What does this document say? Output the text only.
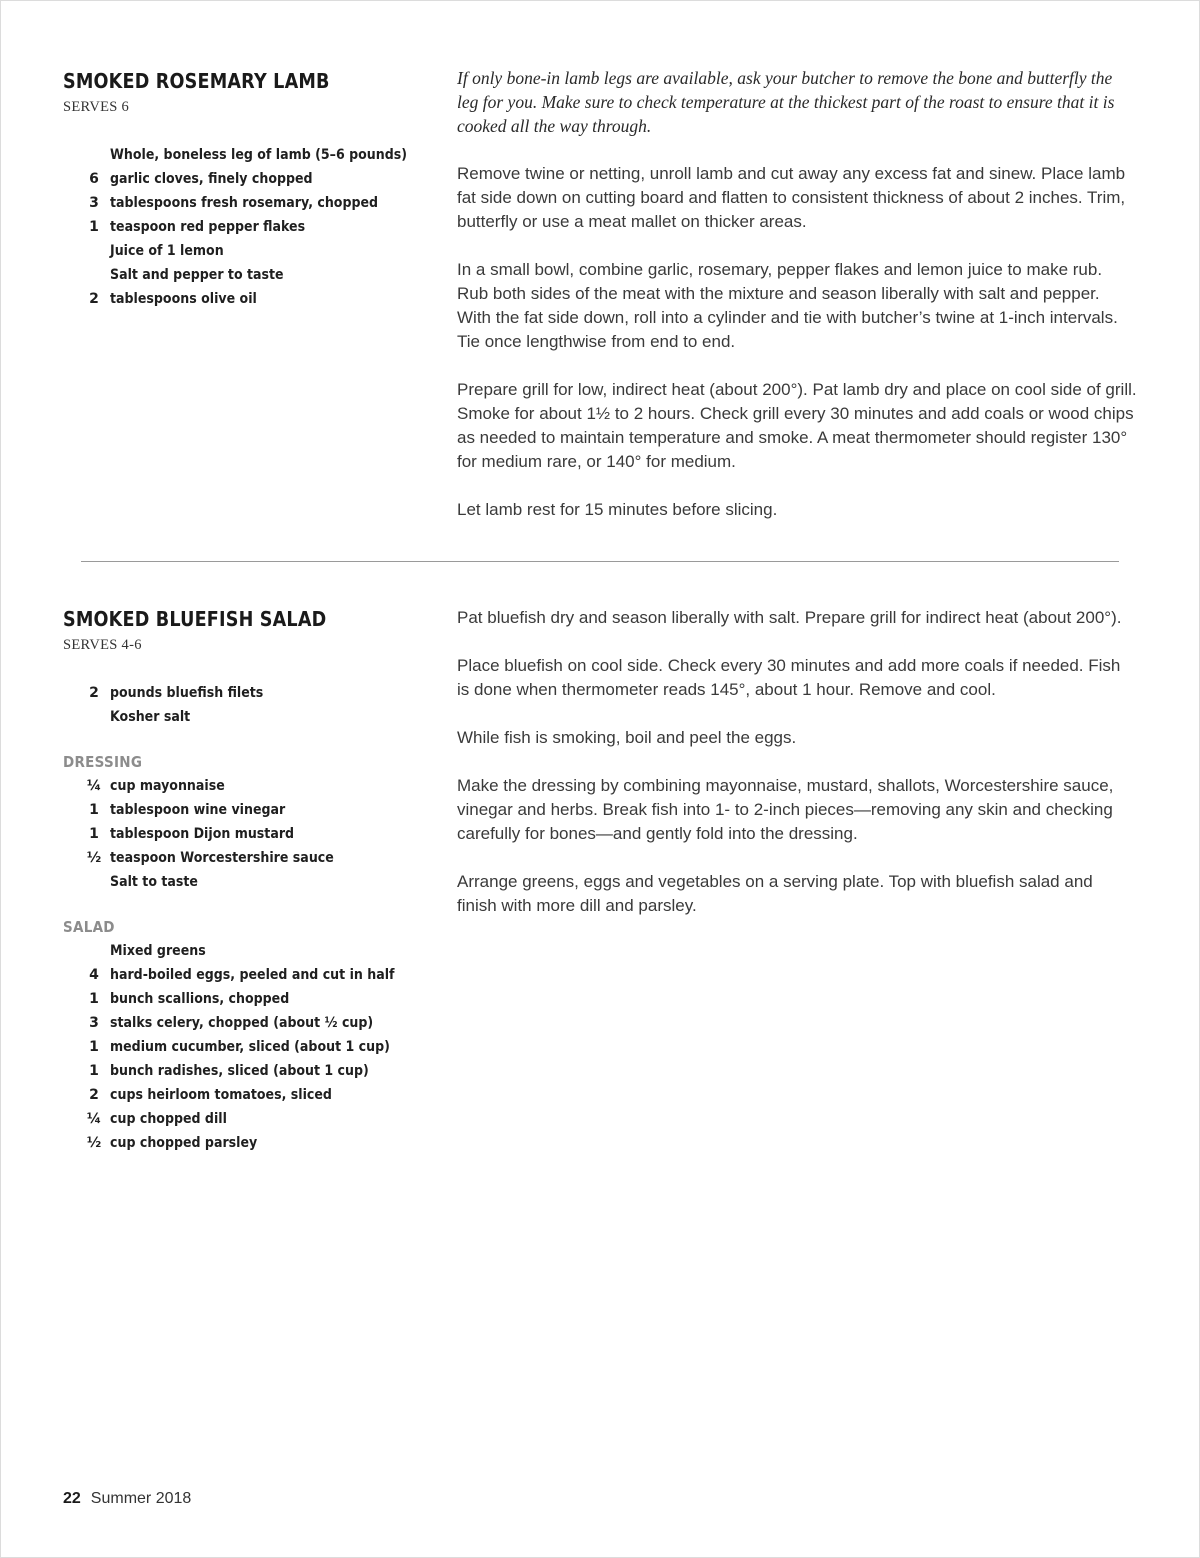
SMOKED ROSEMARY LAMB
SERVES 6
Whole, boneless leg of lamb (5–6 pounds)
6 garlic cloves, finely chopped
3 tablespoons fresh rosemary, chopped
1 teaspoon red pepper flakes
Juice of 1 lemon
Salt and pepper to taste
2 tablespoons olive oil

If only bone-in lamb legs are available, ask your butcher to remove the bone and butterfly the leg for you. Make sure to check temperature at the thickest part of the roast to ensure that it is cooked all the way through.

Remove twine or netting, unroll lamb and cut away any excess fat and sinew. Place lamb fat side down on cutting board and flatten to consistent thickness of about 2 inches. Trim, butterfly or use a meat mallet on thicker areas.

In a small bowl, combine garlic, rosemary, pepper flakes and lemon juice to make rub. Rub both sides of the meat with the mixture and season liberally with salt and pepper. With the fat side down, roll into a cylinder and tie with butcher’s twine at 1-inch intervals. Tie once lengthwise from end to end.

Prepare grill for low, indirect heat (about 200°). Pat lamb dry and place on cool side of grill. Smoke for about 1½ to 2 hours. Check grill every 30 minutes and add coals or wood chips as needed to maintain temperature and smoke. A meat thermometer should register 130° for medium rare, or 140° for medium.

Let lamb rest for 15 minutes before slicing.

SMOKED BLUEFISH SALAD
SERVES 4-6
2 pounds bluefish filets
Kosher salt
DRESSING
¼ cup mayonnaise
1 tablespoon wine vinegar
1 tablespoon Dijon mustard
½ teaspoon Worcestershire sauce
Salt to taste
SALAD
Mixed greens
4 hard-boiled eggs, peeled and cut in half
1 bunch scallions, chopped
3 stalks celery, chopped (about ½ cup)
1 medium cucumber, sliced (about 1 cup)
1 bunch radishes, sliced (about 1 cup)
2 cups heirloom tomatoes, sliced
¼ cup chopped dill
½ cup chopped parsley

Pat bluefish dry and season liberally with salt. Prepare grill for indirect heat (about 200°).

Place bluefish on cool side. Check every 30 minutes and add more coals if needed. Fish is done when thermometer reads 145°, about 1 hour. Remove and cool.

While fish is smoking, boil and peel the eggs.

Make the dressing by combining mayonnaise, mustard, shallots, Worcestershire sauce, vinegar and herbs. Break fish into 1- to 2-inch pieces—removing any skin and checking carefully for bones—and gently fold into the dressing.

Arrange greens, eggs and vegetables on a serving plate. Top with bluefish salad and finish with more dill and parsley.

22 Summer 2018
